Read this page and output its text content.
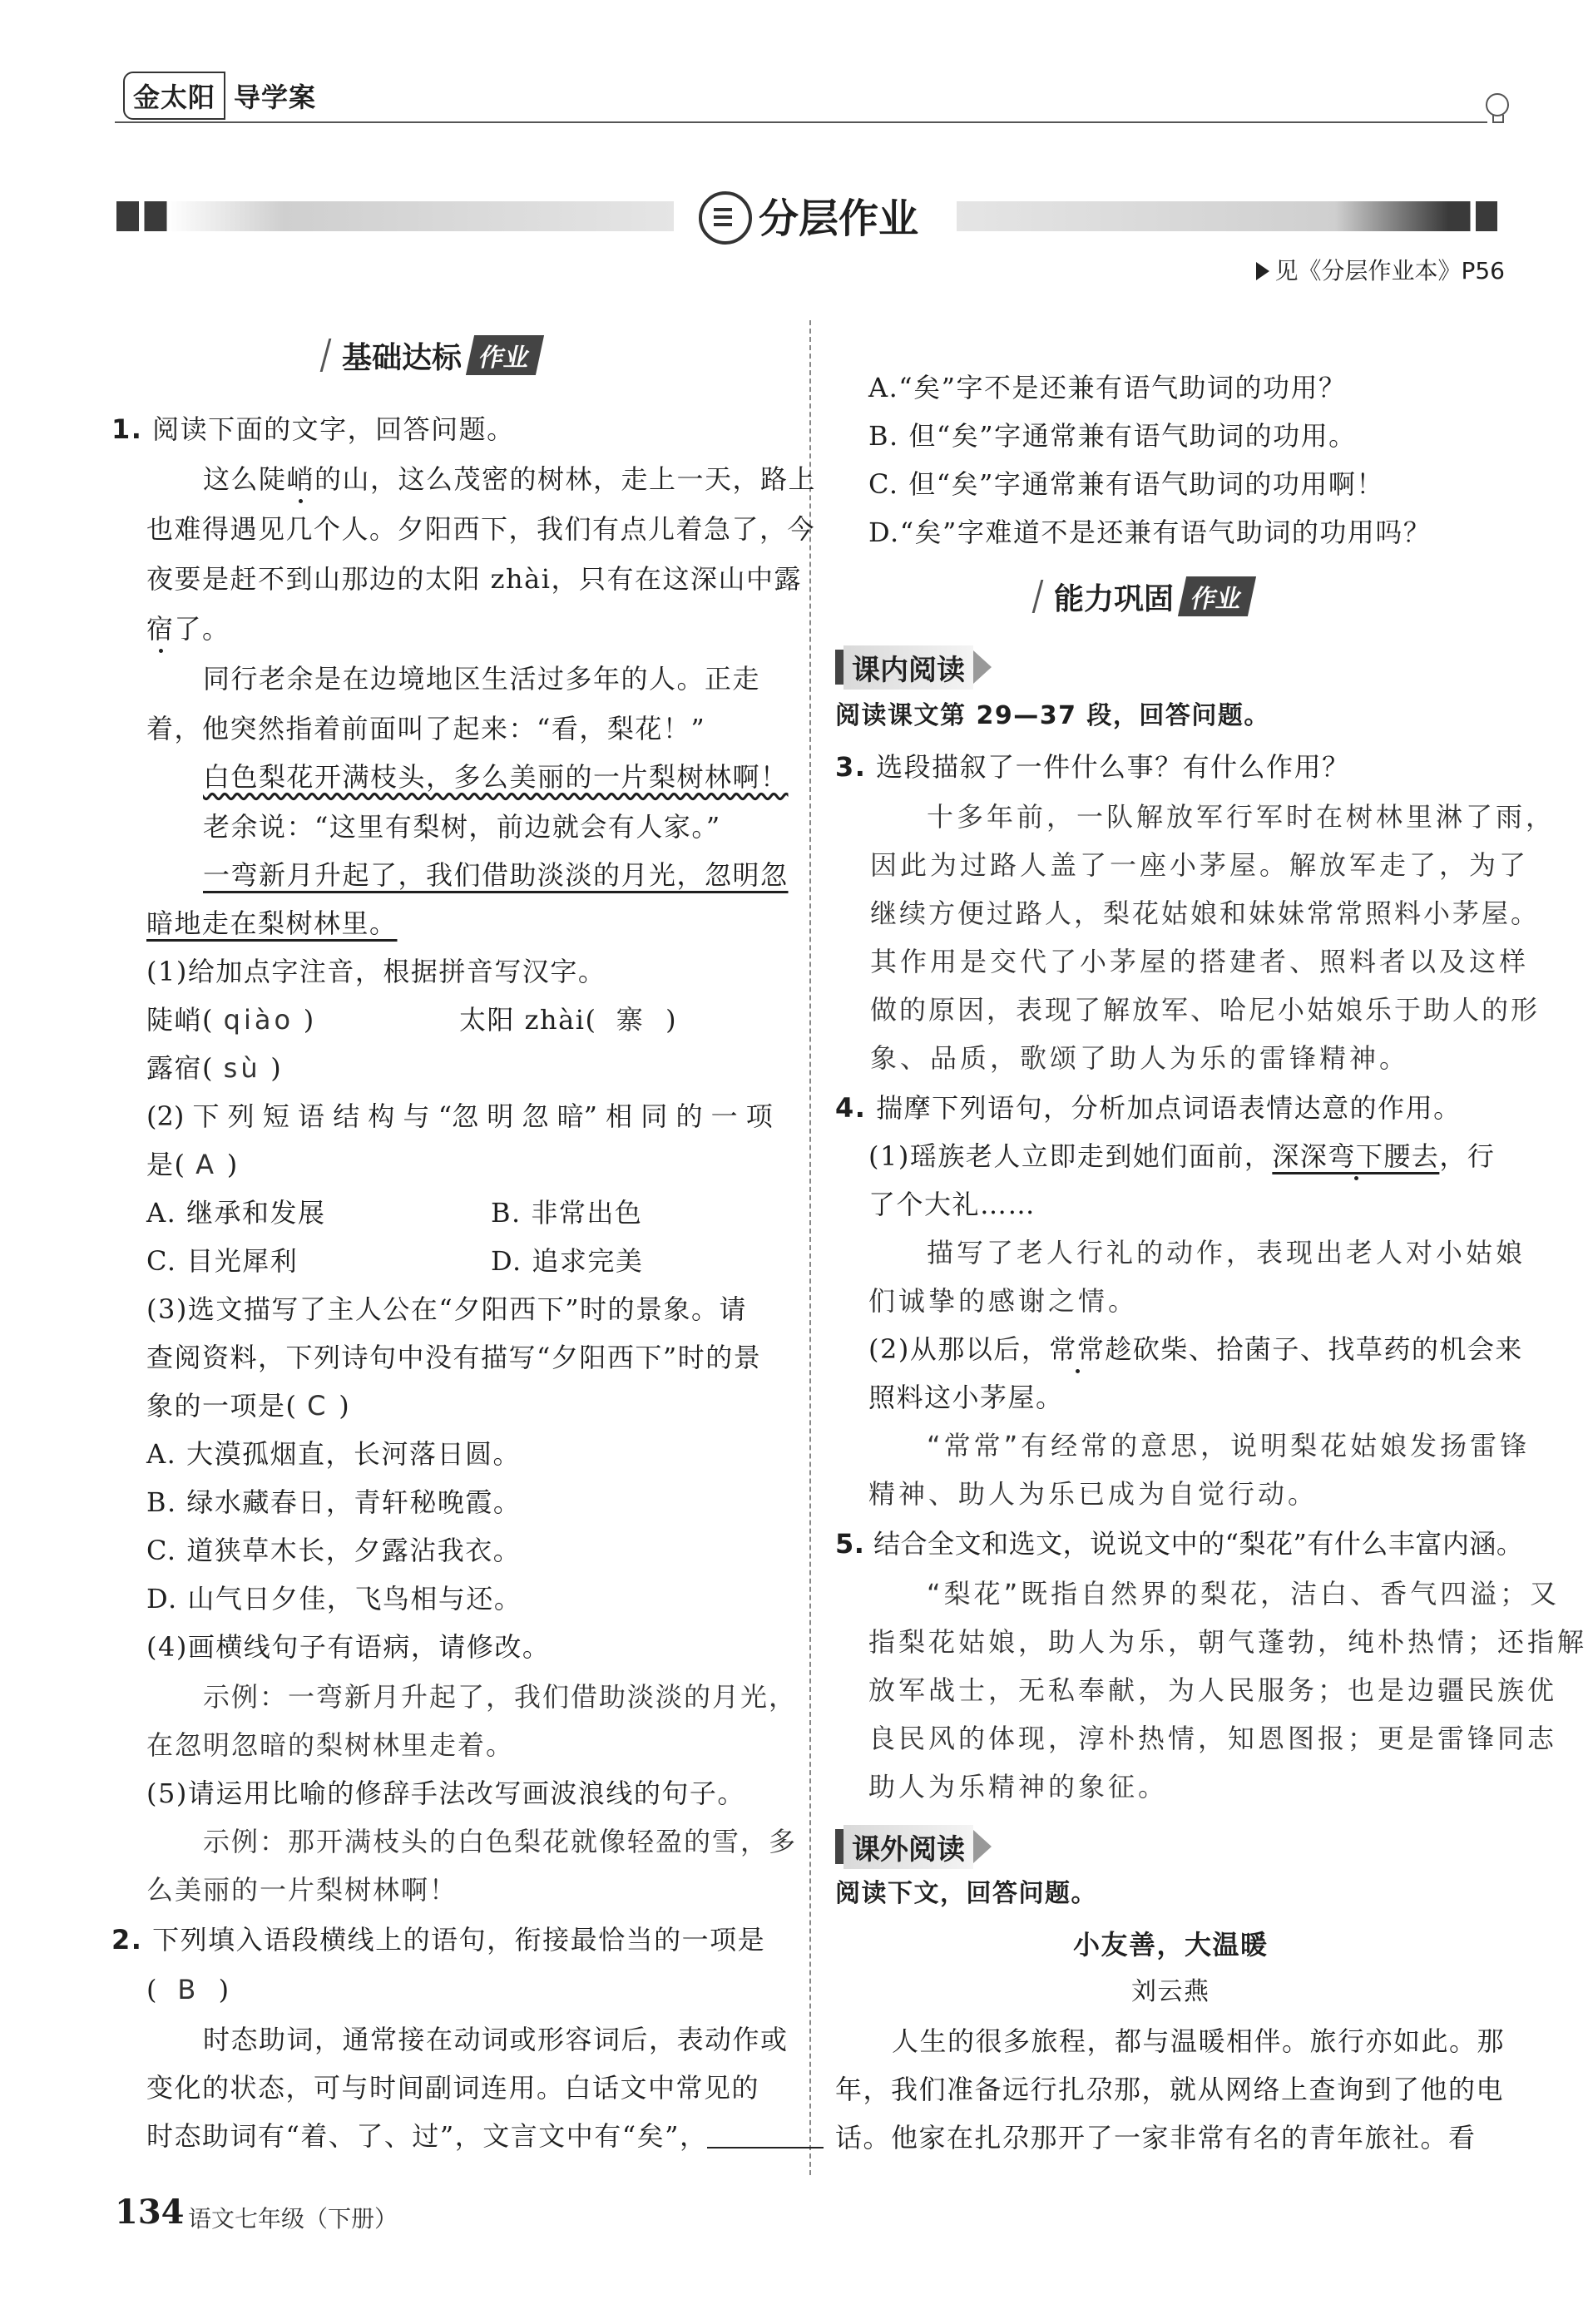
金太阳 导学案
分层作业
见《分层作业本》P56
基础达标 作业
1. 阅读下面的文字，回答问题。
这么陡峭的山，这么茂密的树林，走上一天，路上
也难得遇见几个人。夕阳西下，我们有点儿着急了，今
夜要是赶不到山那边的太阳 zhài，只有在这深山中露
宿了。
同行老余是在边境地区生活过多年的人。正走
着，他突然指着前面叫了起来：“看，梨花！”
白色梨花开满枝头，多么美丽的一片梨树林啊！
老余说：“这里有梨树，前边就会有人家。”
一弯新月升起了，我们借助淡淡的月光，忽明忽
暗地走在梨树林里。
(1)给加点字注音，根据拼音写汉字。
陡峭( qiào )	太阳 zhài( 寨 )
露宿( sù )
(2) 下 列 短 语 结 构 与 “忽 明 忽 暗” 相 同 的 一 项
是( A )
A. 继承和发展	B. 非常出色
C. 目光犀利	D. 追求完美
(3)选文描写了主人公在“夕阳西下”时的景象。请
查阅资料，下列诗句中没有描写“夕阳西下”时的景
象的一项是( C )
A. 大漠孤烟直，长河落日圆。
B. 绿水藏春日，青轩秘晚霞。
C. 道狭草木长，夕露沾我衣。
D. 山气日夕佳，飞鸟相与还。
(4)画横线句子有语病，请修改。
示例：一弯新月升起了，我们借助淡淡的月光，
在忽明忽暗的梨树林里走着。
(5)请运用比喻的修辞手法改写画波浪线的句子。
示例：那开满枝头的白色梨花就像轻盈的雪，多
么美丽的一片梨树林啊！
2. 下列填入语段横线上的语句，衔接最恰当的一项是
( B )
时态助词，通常接在动词或形容词后，表动作或
变化的状态，可与时间副词连用。白话文中常见的
时态助词有“着、了、过”，文言文中有“矣”，
A.“矣”字不是还兼有语气助词的功用？
B. 但“矣”字通常兼有语气助词的功用。
C. 但“矣”字通常兼有语气助词的功用啊！
D.“矣”字难道不是还兼有语气助词的功用吗？
能力巩固 作业
课内阅读
阅读课文第 29—37 段，回答问题。
3. 选段描叙了一件什么事？有什么作用？
十多年前，一队解放军行军时在树林里淋了雨，
因此为过路人盖了一座小茅屋。解放军走了，为了
继续方便过路人，梨花姑娘和妹妹常常照料小茅屋。
其作用是交代了小茅屋的搭建者、照料者以及这样
做的原因，表现了解放军、哈尼小姑娘乐于助人的形
象、品质，歌颂了助人为乐的雷锋精神。
4. 揣摩下列语句，分析加点词语表情达意的作用。
(1)瑶族老人立即走到她们面前，深深弯下腰去，行
了个大礼……
描写了老人行礼的动作，表现出老人对小姑娘
们诚挚的感谢之情。
(2)从那以后，常常趁砍柴、拾菌子、找草药的机会来
照料这小茅屋。
“常常”有经常的意思，说明梨花姑娘发扬雷锋
精神、助人为乐已成为自觉行动。
5. 结合全文和选文，说说文中的“梨花”有什么丰富内涵。
“梨花”既指自然界的梨花，洁白、香气四溢；又
指梨花姑娘，助人为乐，朝气蓬勃，纯朴热情；还指解
放军战士，无私奉献，为人民服务；也是边疆民族优
良民风的体现，淳朴热情，知恩图报；更是雷锋同志
助人为乐精神的象征。
课外阅读
阅读下文，回答问题。
小友善，大温暖
刘云燕
人生的很多旅程，都与温暖相伴。旅行亦如此。那
年，我们准备远行扎尕那，就从网络上查询到了他的电
话。他家在扎尕那开了一家非常有名的青年旅社。看
134 语文七年级（下册）
